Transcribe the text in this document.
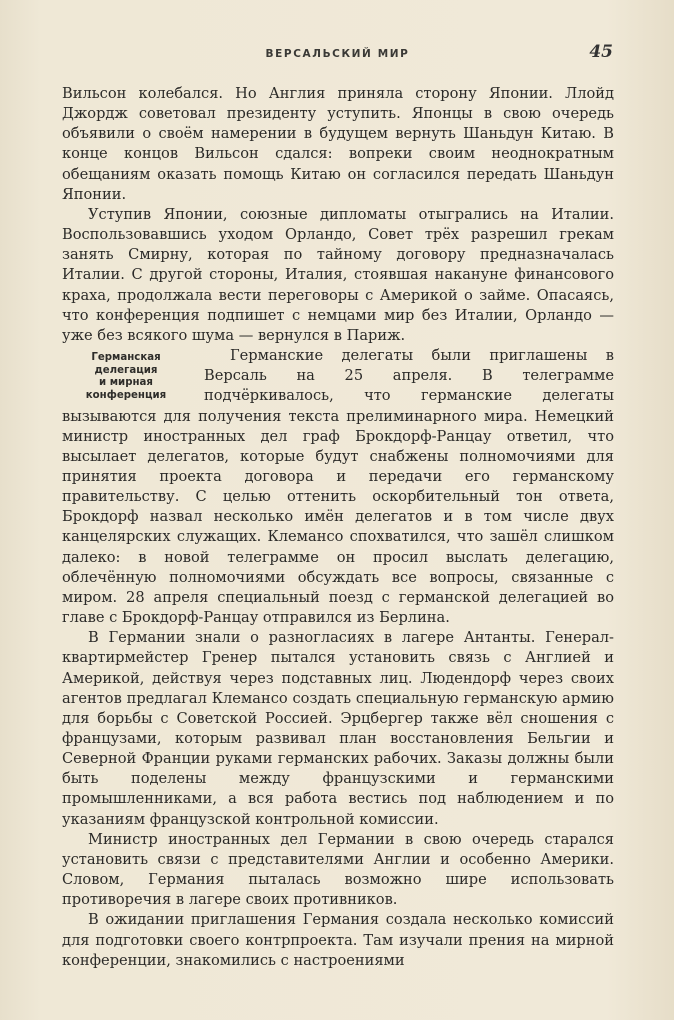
ВЕРСАЛЬСКИЙ МИР	45

Вильсон колебался. Но Англия приняла сторону Японии. Ллойд Джордж советовал президенту уступить. Японцы в свою очередь объявили о своём намерении в будущем вернуть Шаньдун Китаю. В конце концов Вильсон сдался: вопреки своим неоднократным обещаниям оказать помощь Китаю он согласился передать Шаньдун Японии.

Уступив Японии, союзные дипломаты отыгрались на Италии. Воспользовавшись уходом Орландо, Совет трёх разрешил грекам занять Смирну, которая по тайному договору предназначалась Италии. С другой стороны, Италия, стоявшая накануне финансового краха, продолжала вести переговоры с Америкой о займе. Опасаясь, что конференция подпишет с немцами мир без Италии, Орландо — уже без всякого шума — вернулся в Париж.

Германская
делегация
и мирная
конференция

Германские делегаты были приглашены в Версаль на 25 апреля. В телеграмме подчёркивалось, что германские делегаты вызываются для получения текста прелиминарного мира. Немецкий министр иностранных дел граф Брокдорф-Ранцау ответил, что высылает делегатов, которые будут снабжены полномочиями для принятия проекта договора и передачи его германскому правительству. С целью оттенить оскорбительный тон ответа, Брокдорф назвал несколько имён делегатов и в том числе двух канцелярских служащих. Клемансо спохватился, что зашёл слишком далеко: в новой телеграмме он просил выслать делегацию, облечённую полномочиями обсуждать все вопросы, связанные с миром. 28 апреля специальный поезд с германской делегацией во главе с Брокдорф-Ранцау отправился из Берлина.

В Германии знали о разногласиях в лагере Антанты. Генерал-квартирмейстер Гренер пытался установить связь с Англией и Америкой, действуя через подставных лиц. Людендорф через своих агентов предлагал Клемансо создать специальную германскую армию для борьбы с Советской Россией. Эрцбергер также вёл сношения с французами, которым развивал план восстановления Бельгии и Северной Франции руками германских рабочих. Заказы должны были быть поделены между французскими и германскими промышленниками, а вся работа вестись под наблюдением и по указаниям французской контрольной комиссии.

Министр иностранных дел Германии в свою очередь старался установить связи с представителями Англии и особенно Америки. Словом, Германия пыталась возможно шире использовать противоречия в лагере своих противников.

В ожидании приглашения Германия создала несколько комиссий для подготовки своего контрпроекта. Там изучали прения на мирной конференции, знакомились с настроениями
